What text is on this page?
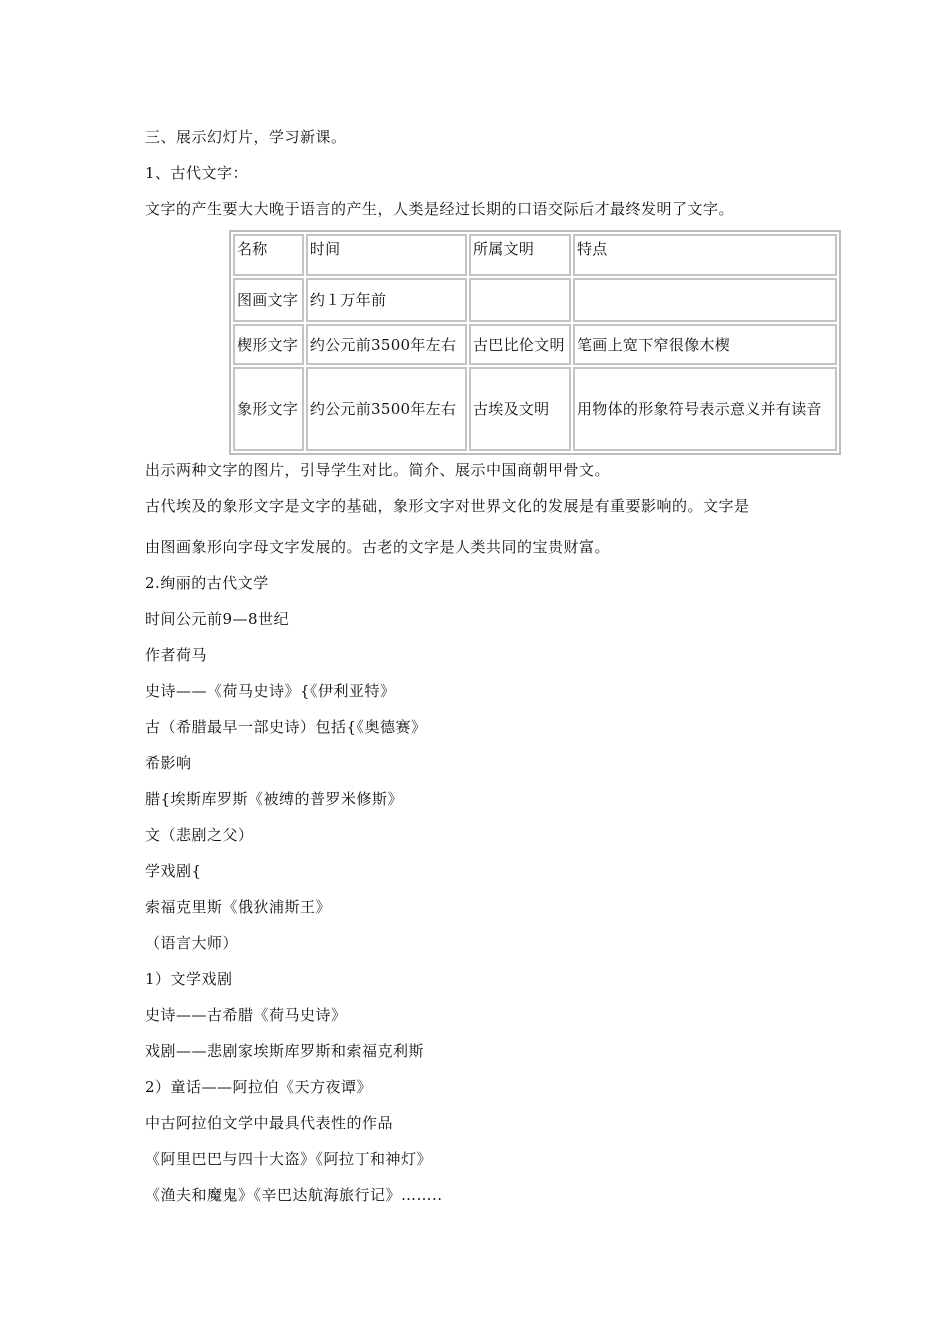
三、展示幻灯片，学习新课。
1、古代文字：
文字的产生要大大晚于语言的产生，人类是经过长期的口语交际后才最终发明了文字。
名称	时间	所属文明	特点
图画文字	约１万年前		
楔形文字	约公元前3500年左右	古巴比伦文明	笔画上宽下窄很像木楔
象形文字	约公元前3500年左右	古埃及文明	用物体的形象符号表示意义并有读音
出示两种文字的图片，引导学生对比。简介、展示中国商朝甲骨文。
古代埃及的象形文字是文字的基础，象形文字对世界文化的发展是有重要影响的。文字是
由图画象形向字母文字发展的。古老的文字是人类共同的宝贵财富。
2.绚丽的古代文学
时间公元前9—8世纪
作者荷马
史诗——《荷马史诗》{《伊利亚特》
古（希腊最早一部史诗）包括{《奥德赛》
希影响
腊{埃斯库罗斯《被缚的普罗米修斯》
文（悲剧之父）
学戏剧{
索福克里斯《俄狄浦斯王》
（语言大师）
1）文学戏剧
史诗——古希腊《荷马史诗》
戏剧——悲剧家埃斯库罗斯和索福克利斯
2）童话——阿拉伯《天方夜谭》
中古阿拉伯文学中最具代表性的作品
《阿里巴巴与四十大盗》《阿拉丁和神灯》
《渔夫和魔鬼》《辛巴达航海旅行记》……..
